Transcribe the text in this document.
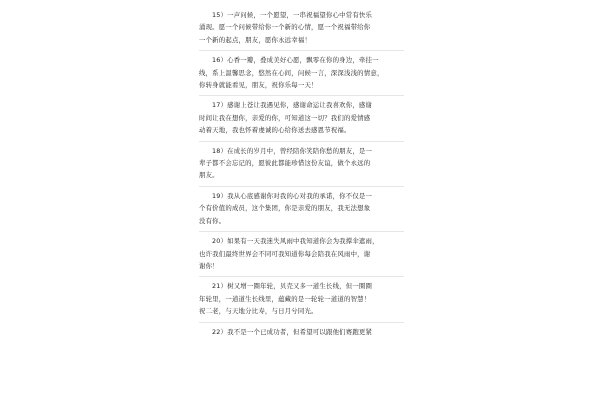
15）一声问候，一个愿望，一串祝福望你心中常有快乐
涌现。愿一个问候带给你一个新的心情，愿一个祝福带给你
一个新的起点，朋友，愿你永远幸福！
16）心香一瓣，叠成美好心愿，飘零在你的身边，牵挂一
线，系上温馨思念，悠然在心间，问候一言，深深浅浅的情意，
你转身就能看见，朋友，祝你乐每一天！
17）感谢上苍让我遇见你，感谢命运让我喜欢你，感谢
时间让我在想你，亲爱的你，可知道这一切？我们的爱情感
动着天地，我也怀着虔诚的心给你送去感恩节祝福。
18）在成长的岁月中，曾经陪你笑陪你愁的朋友，是一
辈子都不会忘记的，愿彼此都能珍惜这份友谊，做个永远的
朋友。
19）我从心底感谢你对我的心对我的承诺，你不仅是一
个有价值的成员，这个集团，你是亲爱的朋友，我无法想象
没有你。
20）如果有一天我迷失风雨中我知道你会为我撑伞遮雨，
也许我们最终世界会不同可我知道你每会陪我在风雨中，谢
谢你！
21）树又增一圈年轮，贝壳又多一道生长线，但一圈圈
年轮里，一道道生长线里，蕴藏的是一轮轮一道道的智慧！
祝二老，与天地分比寿，与日月兮同光。
22）我不是一个已成功者，但希望可以跟他们赛跑更紧
